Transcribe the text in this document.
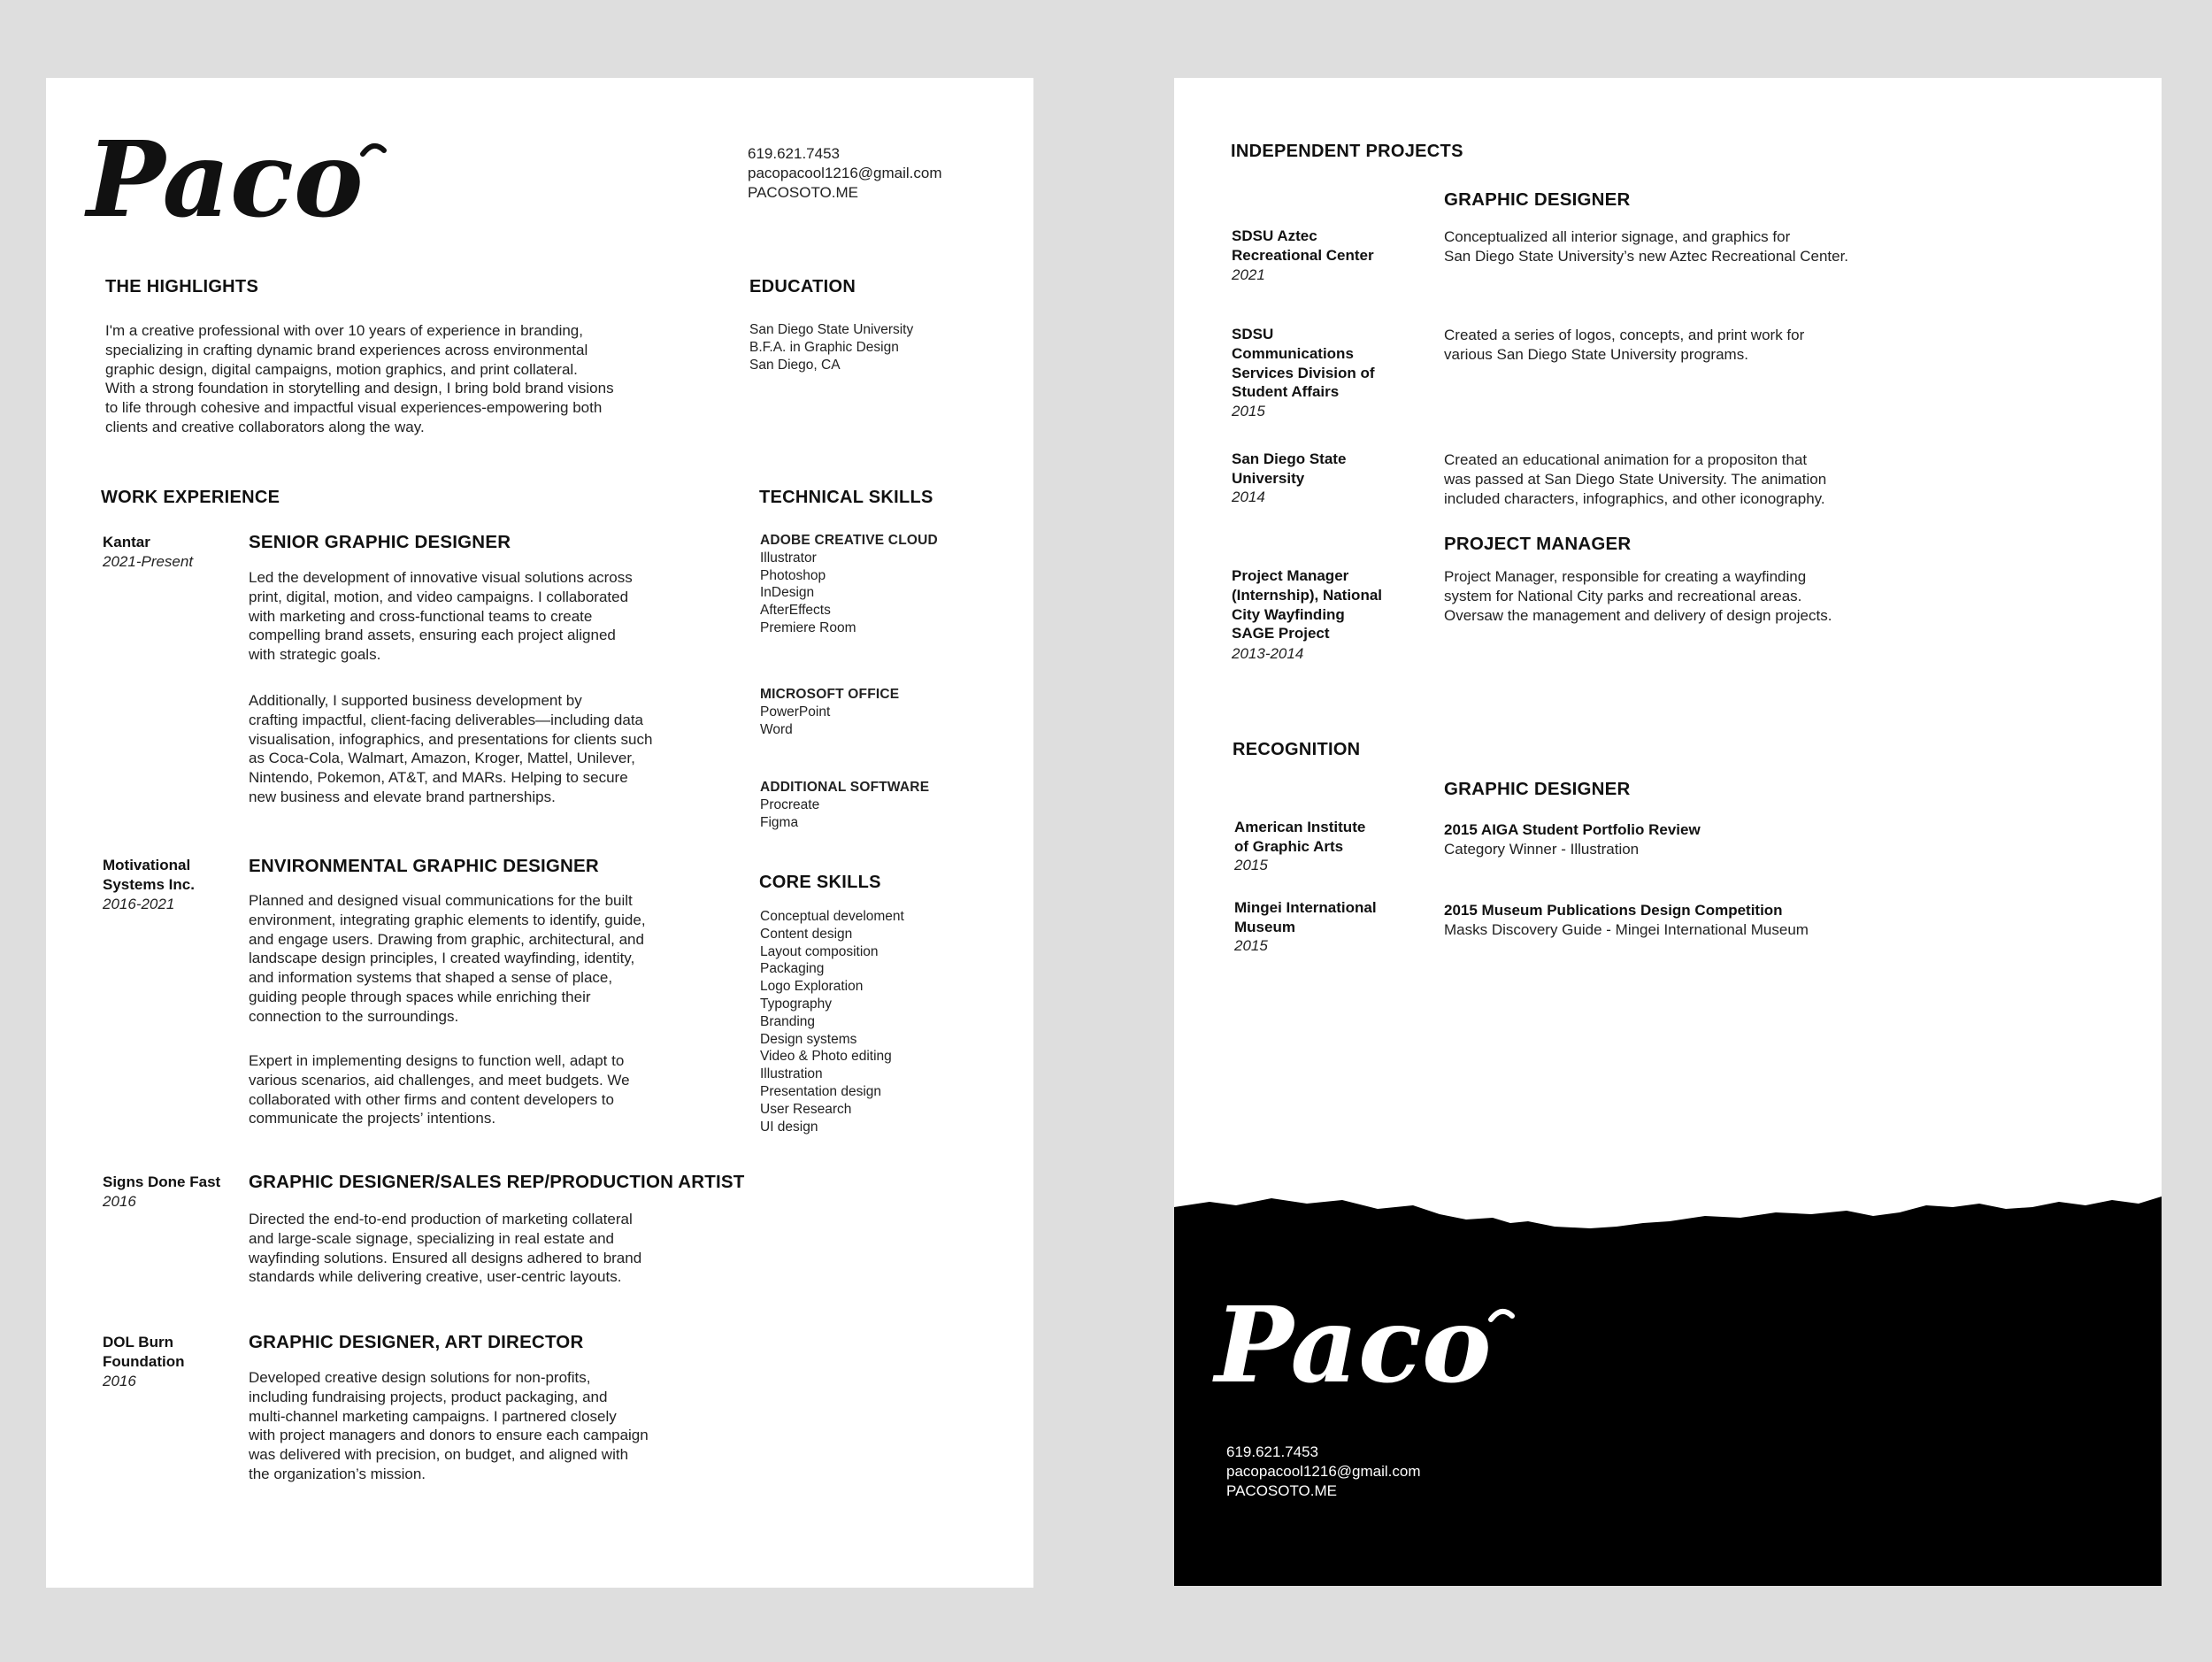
Paco	619.621.7453
pacopacool1216@gmail.com
PACOSOTO.ME
THE HIGHLIGHTS
I'm a creative professional with over 10 years of experience in branding,
specializing in crafting dynamic brand experiences across environmental
graphic design, digital campaigns, motion graphics, and print collateral.
With a strong foundation in storytelling and design, I bring bold brand visions
to life through cohesive and impactful visual experiences-empowering both
clients and creative collaborators along the way.
EDUCATION
San Diego State University
B.F.A. in Graphic Design
San Diego, CA
WORK EXPERIENCE
Kantar
2021-Present
SENIOR GRAPHIC DESIGNER
Led the development of innovative visual solutions across
print, digital, motion, and video campaigns. I collaborated
with marketing and cross-functional teams to create
compelling brand assets, ensuring each project aligned
with strategic goals.
Additionally, I supported business development by
crafting impactful, client-facing deliverables—including data
visualisation, infographics, and presentations for clients such
as Coca-Cola, Walmart, Amazon, Kroger, Mattel, Unilever,
Nintendo, Pokemon, AT&T, and MARs. Helping to secure
new business and elevate brand partnerships.
Motivational
Systems Inc.
2016-2021
ENVIRONMENTAL GRAPHIC DESIGNER
Planned and designed visual communications for the built
environment, integrating graphic elements to identify, guide,
and engage users. Drawing from graphic, architectural, and
landscape design principles, I created wayfinding, identity,
and information systems that shaped a sense of place,
guiding people through spaces while enriching their
connection to the surroundings.
Expert in implementing designs to function well, adapt to
various scenarios, aid challenges, and meet budgets. We
collaborated with other firms and content developers to
communicate the projects’ intentions.
Signs Done Fast
2016
GRAPHIC DESIGNER/SALES REP/PRODUCTION ARTIST
Directed the end-to-end production of marketing collateral
and large-scale signage, specializing in real estate and
wayfinding solutions. Ensured all designs adhered to brand
standards while delivering creative, user-centric layouts.
DOL Burn
Foundation
2016
GRAPHIC DESIGNER, ART DIRECTOR
Developed creative design solutions for non-profits,
including fundraising projects, product packaging, and
multi-channel marketing campaigns. I partnered closely
with project managers and donors to ensure each campaign
was delivered with precision, on budget, and aligned with
the organization’s mission.
TECHNICAL SKILLS
ADOBE CREATIVE CLOUD
Illustrator
Photoshop
InDesign
AfterEffects
Premiere Room
MICROSOFT OFFICE
PowerPoint
Word
ADDITIONAL SOFTWARE
Procreate
Figma
CORE SKILLS
Conceptual develoment
Content design
Layout composition
Packaging
Logo Exploration
Typography
Branding
Design systems
Video & Photo editing
Illustration
Presentation design
User Research
UI design
INDEPENDENT PROJECTS
GRAPHIC DESIGNER
SDSU Aztec
Recreational Center
2021
Conceptualized all interior signage, and graphics for
San Diego State University’s new Aztec Recreational Center.
SDSU
Communications
Services Division of
Student Affairs
2015
Created a series of logos, concepts, and print work for
various San Diego State University programs.
San Diego State
University
2014
Created an educational animation for a propositon that
was passed at San Diego State University. The animation
included characters, infographics, and other iconography.
PROJECT MANAGER
Project Manager
(Internship), National
City Wayfinding
SAGE Project
2013-2014
Project Manager, responsible for creating a wayfinding
system for National City parks and recreational areas.
Oversaw the management and delivery of design projects.
RECOGNITION
GRAPHIC DESIGNER
American Institute
of Graphic Arts
2015
2015 AIGA Student Portfolio Review
Category Winner - Illustration
Mingei International
Museum
2015
2015 Museum Publications Design Competition
Masks Discovery Guide - Mingei International Museum
Paco
619.621.7453
pacopacool1216@gmail.com
PACOSOTO.ME
